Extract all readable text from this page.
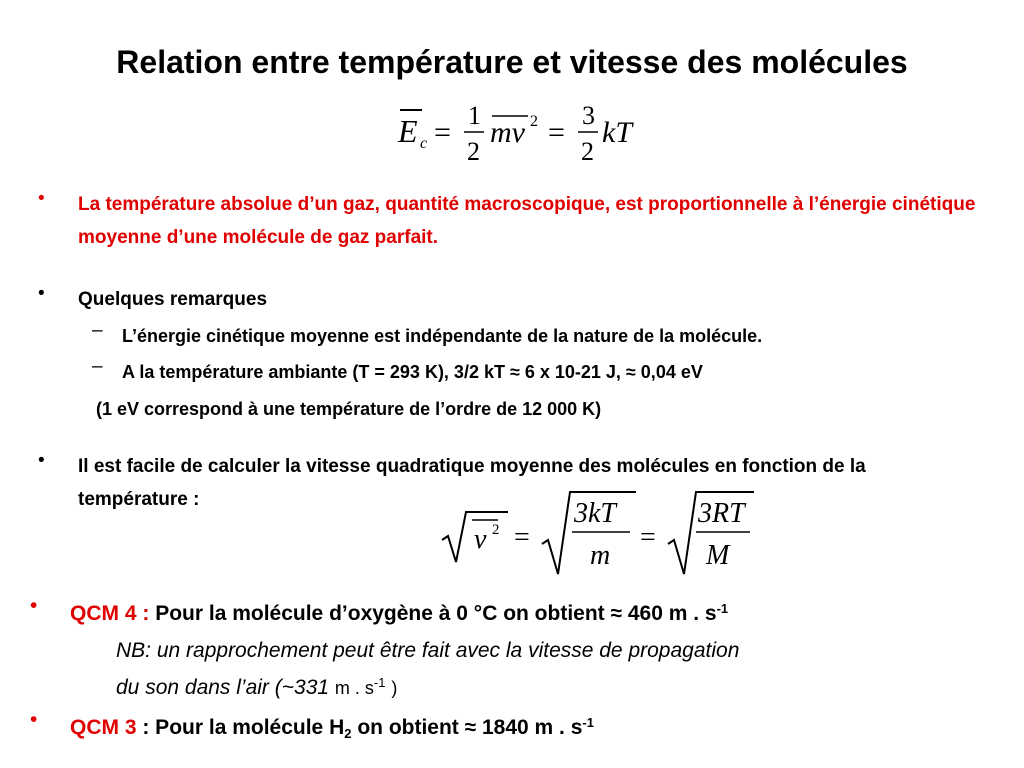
Relation entre température et vitesse des molécules
E c =
1
2
mv 2 =
3
2
kT
• La température absolue d’un gaz, quantité macroscopique, est proportionnelle à l’énergie cinétique moyenne d’une molécule de gaz parfait.
• Quelques remarques
– L’énergie cinétique moyenne est indépendante de la nature de la molécule.
– A la température ambiante (T = 293 K), 3/2 kT ≈ 6 x 10-21 J, ≈ 0,04 eV
(1 eV correspond à une température de l’ordre de 12 000 K)
• Il est facile de calculer la vitesse quadratique moyenne des molécules en fonction de la température :
v 2 =
3kT
m
=
3RT
M
• QCM 4 : Pour la molécule d’oxygène à 0 °C on obtient ≈ 460 m . $s^{-1}$
NB: un rapprochement peut être fait avec la vitesse de propagation
du son dans l’air (~331 m . $s^{-1}$ )
• QCM 3 : Pour la molécule $H_2$ on obtient ≈ 1840 m . $s^{-1}$
